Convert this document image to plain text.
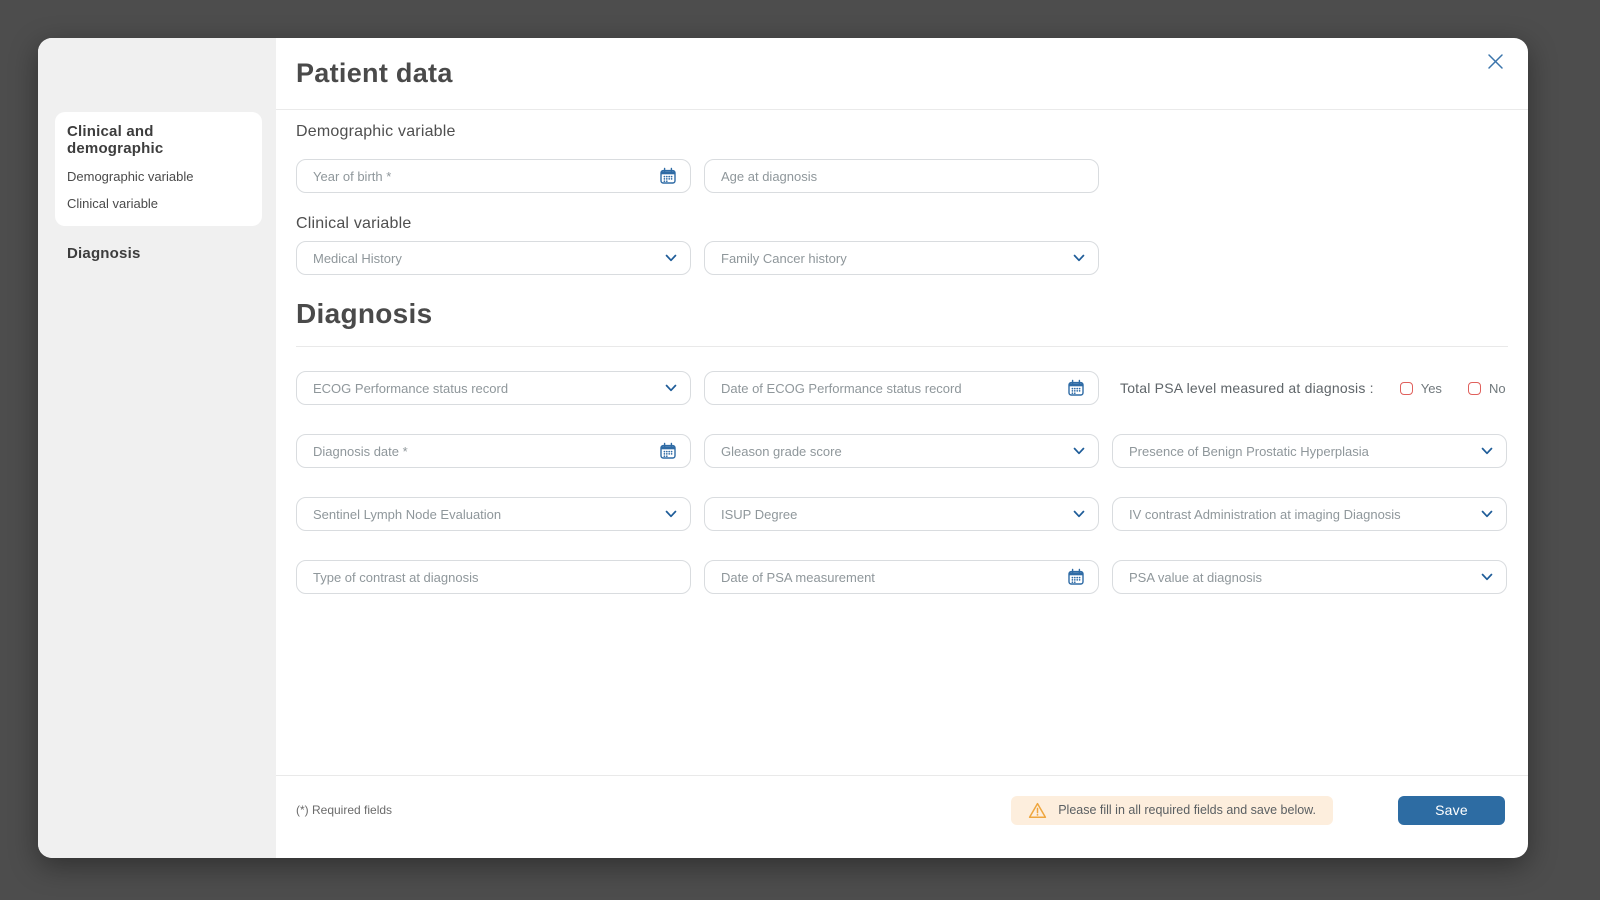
Clinical and demographic
Demographic variable
Clinical variable
Diagnosis
Patient data
Demographic variable
Year of birth *
Age at diagnosis
Clinical variable
Medical History
Family Cancer history
Diagnosis
ECOG Performance status record
Date of ECOG Performance status record
Total PSA level measured at diagnosis :	Yes	No
Diagnosis date *
Gleason grade score
Presence of Benign Prostatic Hyperplasia
Sentinel Lymph Node Evaluation
ISUP Degree
IV contrast Administration at imaging Diagnosis
Type of contrast at diagnosis
Date of PSA measurement
PSA value at diagnosis
(*) Required fields	Please fill in all required fields and save below.	Save
